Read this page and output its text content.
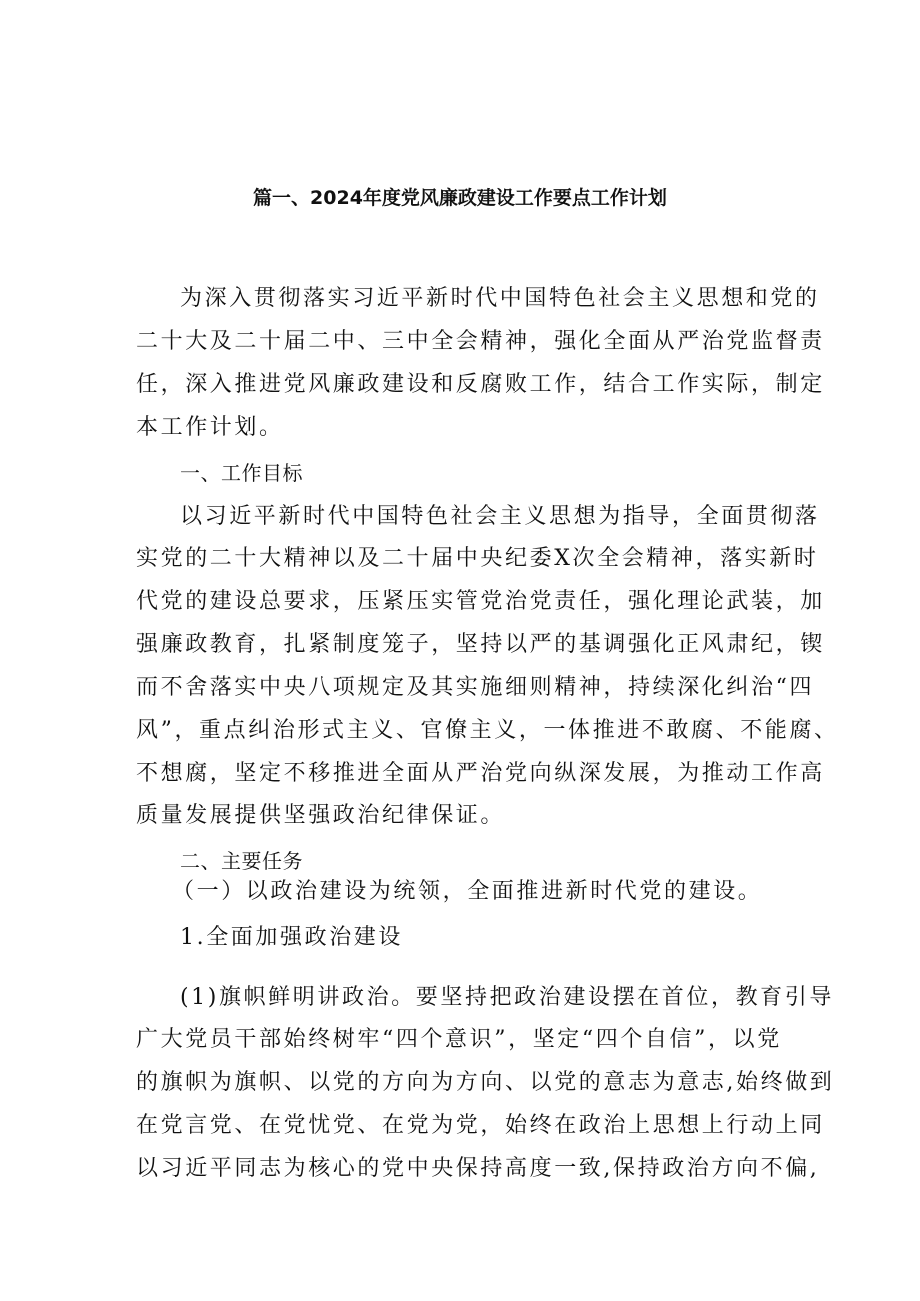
篇一、2024年度党风廉政建设工作要点工作计划
为深入贯彻落实习近平新时代中国特色社会主义思想和党的
二十大及二十届二中、三中全会精神，强化全面从严治党监督责
任，深入推进党风廉政建设和反腐败工作，结合工作实际，制定
本工作计划。
一、工作目标
以习近平新时代中国特色社会主义思想为指导，全面贯彻落
实党的二十大精神以及二十届中央纪委X次全会精神，落实新时
代党的建设总要求，压紧压实管党治党责任，强化理论武装，加
强廉政教育，扎紧制度笼子，坚持以严的基调强化正风肃纪，锲
而不舍落实中央八项规定及其实施细则精神，持续深化纠治“四
风”，重点纠治形式主义、官僚主义，一体推进不敢腐、不能腐、
不想腐，坚定不移推进全面从严治党向纵深发展，为推动工作高
质量发展提供坚强政治纪律保证。
二、主要任务
（一）以政治建设为统领，全面推进新时代党的建设。
1.全面加强政治建设
(1)旗帜鲜明讲政治。要坚持把政治建设摆在首位，教育引导
广大党员干部始终树牢“四个意识”，坚定“四个自信”，以党
的旗帜为旗帜、以党的方向为方向、以党的意志为意志,始终做到
在党言党、在党忧党、在党为党，始终在政治上思想上行动上同
以习近平同志为核心的党中央保持高度一致,保持政治方向不偏,
